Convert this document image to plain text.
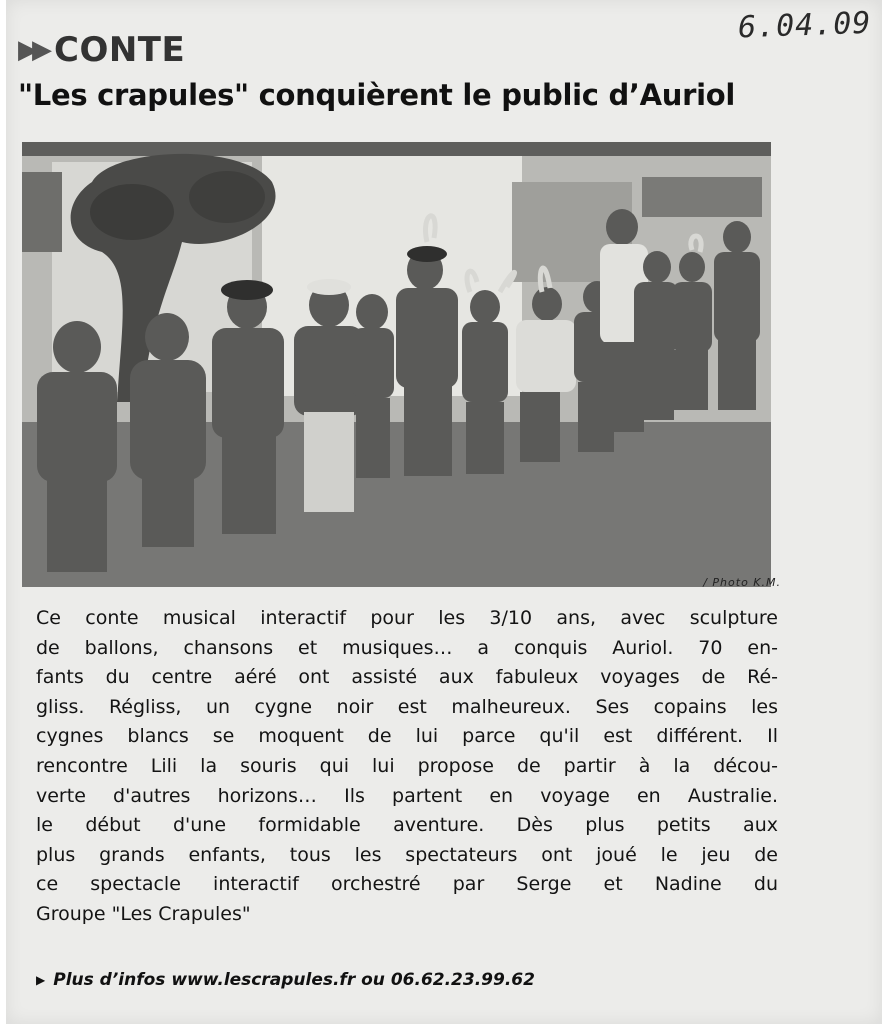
6.04.09
▶▶ CONTE
"Les crapules" conquièrent le public d’Auriol
/ Photo K.M.
Ce conte musical interactif pour les 3/10 ans, avec sculpture
de ballons, chansons et musiques… a conquis Auriol. 70 en-
fants du centre aéré ont assisté aux fabuleux voyages de Ré-
gliss. Régliss, un cygne noir est malheureux. Ses copains les
cygnes blancs se moquent de lui parce qu'il est différent. Il
rencontre Lili la souris qui lui propose de partir à la décou-
verte d'autres horizons… Ils partent en voyage en Australie.
le début d'une formidable aventure. Dès plus petits aux
plus grands enfants, tous les spectateurs ont joué le jeu de
ce spectacle interactif orchestré par Serge et Nadine du
Groupe "Les Crapules"
▶ Plus d’infos www.lescrapules.fr ou 06.62.23.99.62
